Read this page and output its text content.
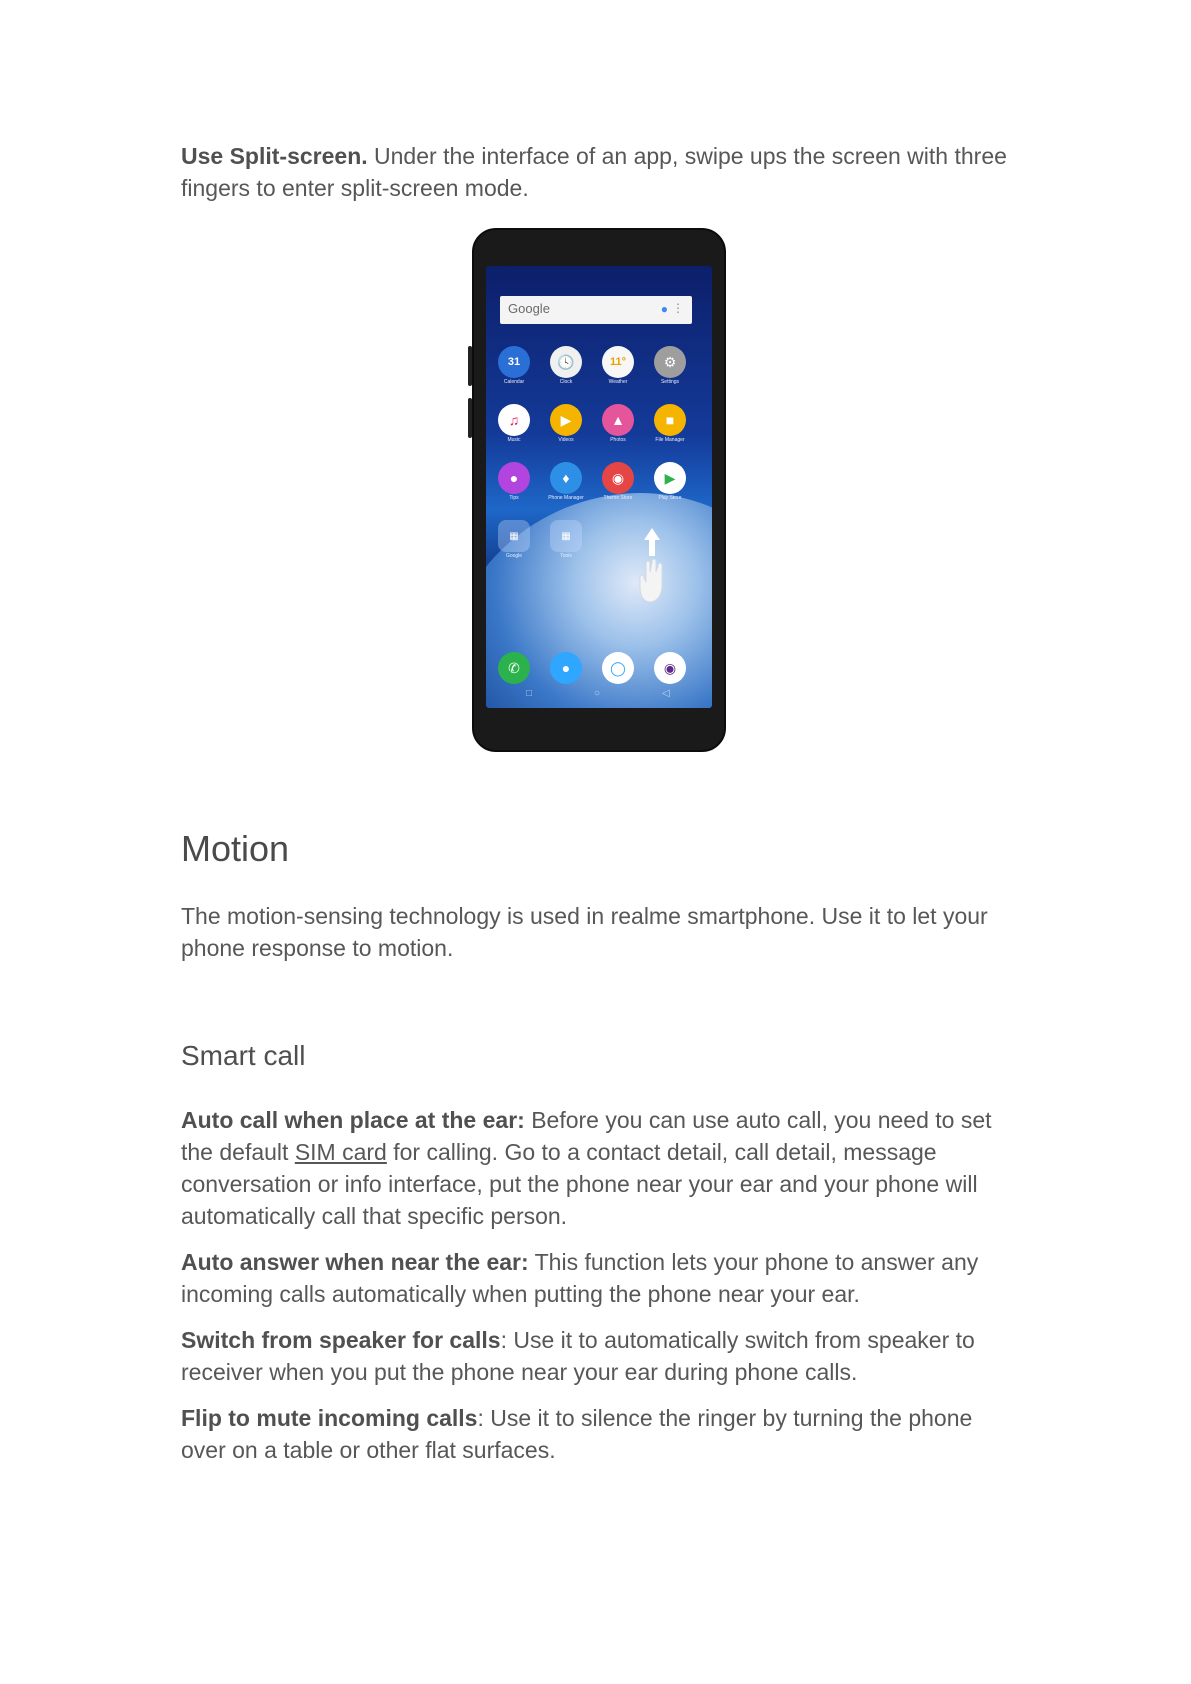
Use Split-screen. Under the interface of an app, swipe ups the screen with three fingers to enter split-screen mode.

Google	● ⋮
31	🕓	11°	⚙
Calendar	Clock	Weather	Settings
♫	▶	▲	■
Music	Videos	Photos	File Manager
●	♦	◉	▶
Tips	Phone Manager	Theme Store	Play Store
▦	▦
Google	Tools
✆	●	◯	◉
□	○	◁
Motion

The motion-sensing technology is used in realme smartphone. Use it to let your phone response to motion.

Smart call

Auto call when place at the ear: Before you can use auto call, you need to set the default SIM card for calling. Go to a contact detail, call detail, message conversation or info interface, put the phone near your ear and your phone will automatically call that specific person.

Auto answer when near the ear: This function lets your phone to answer any incoming calls automatically when putting the phone near your ear.

Switch from speaker for calls: Use it to automatically switch from speaker to receiver when you put the phone near your ear during phone calls.

Flip to mute incoming calls: Use it to silence the ringer by turning the phone over on a table or other flat surfaces.
